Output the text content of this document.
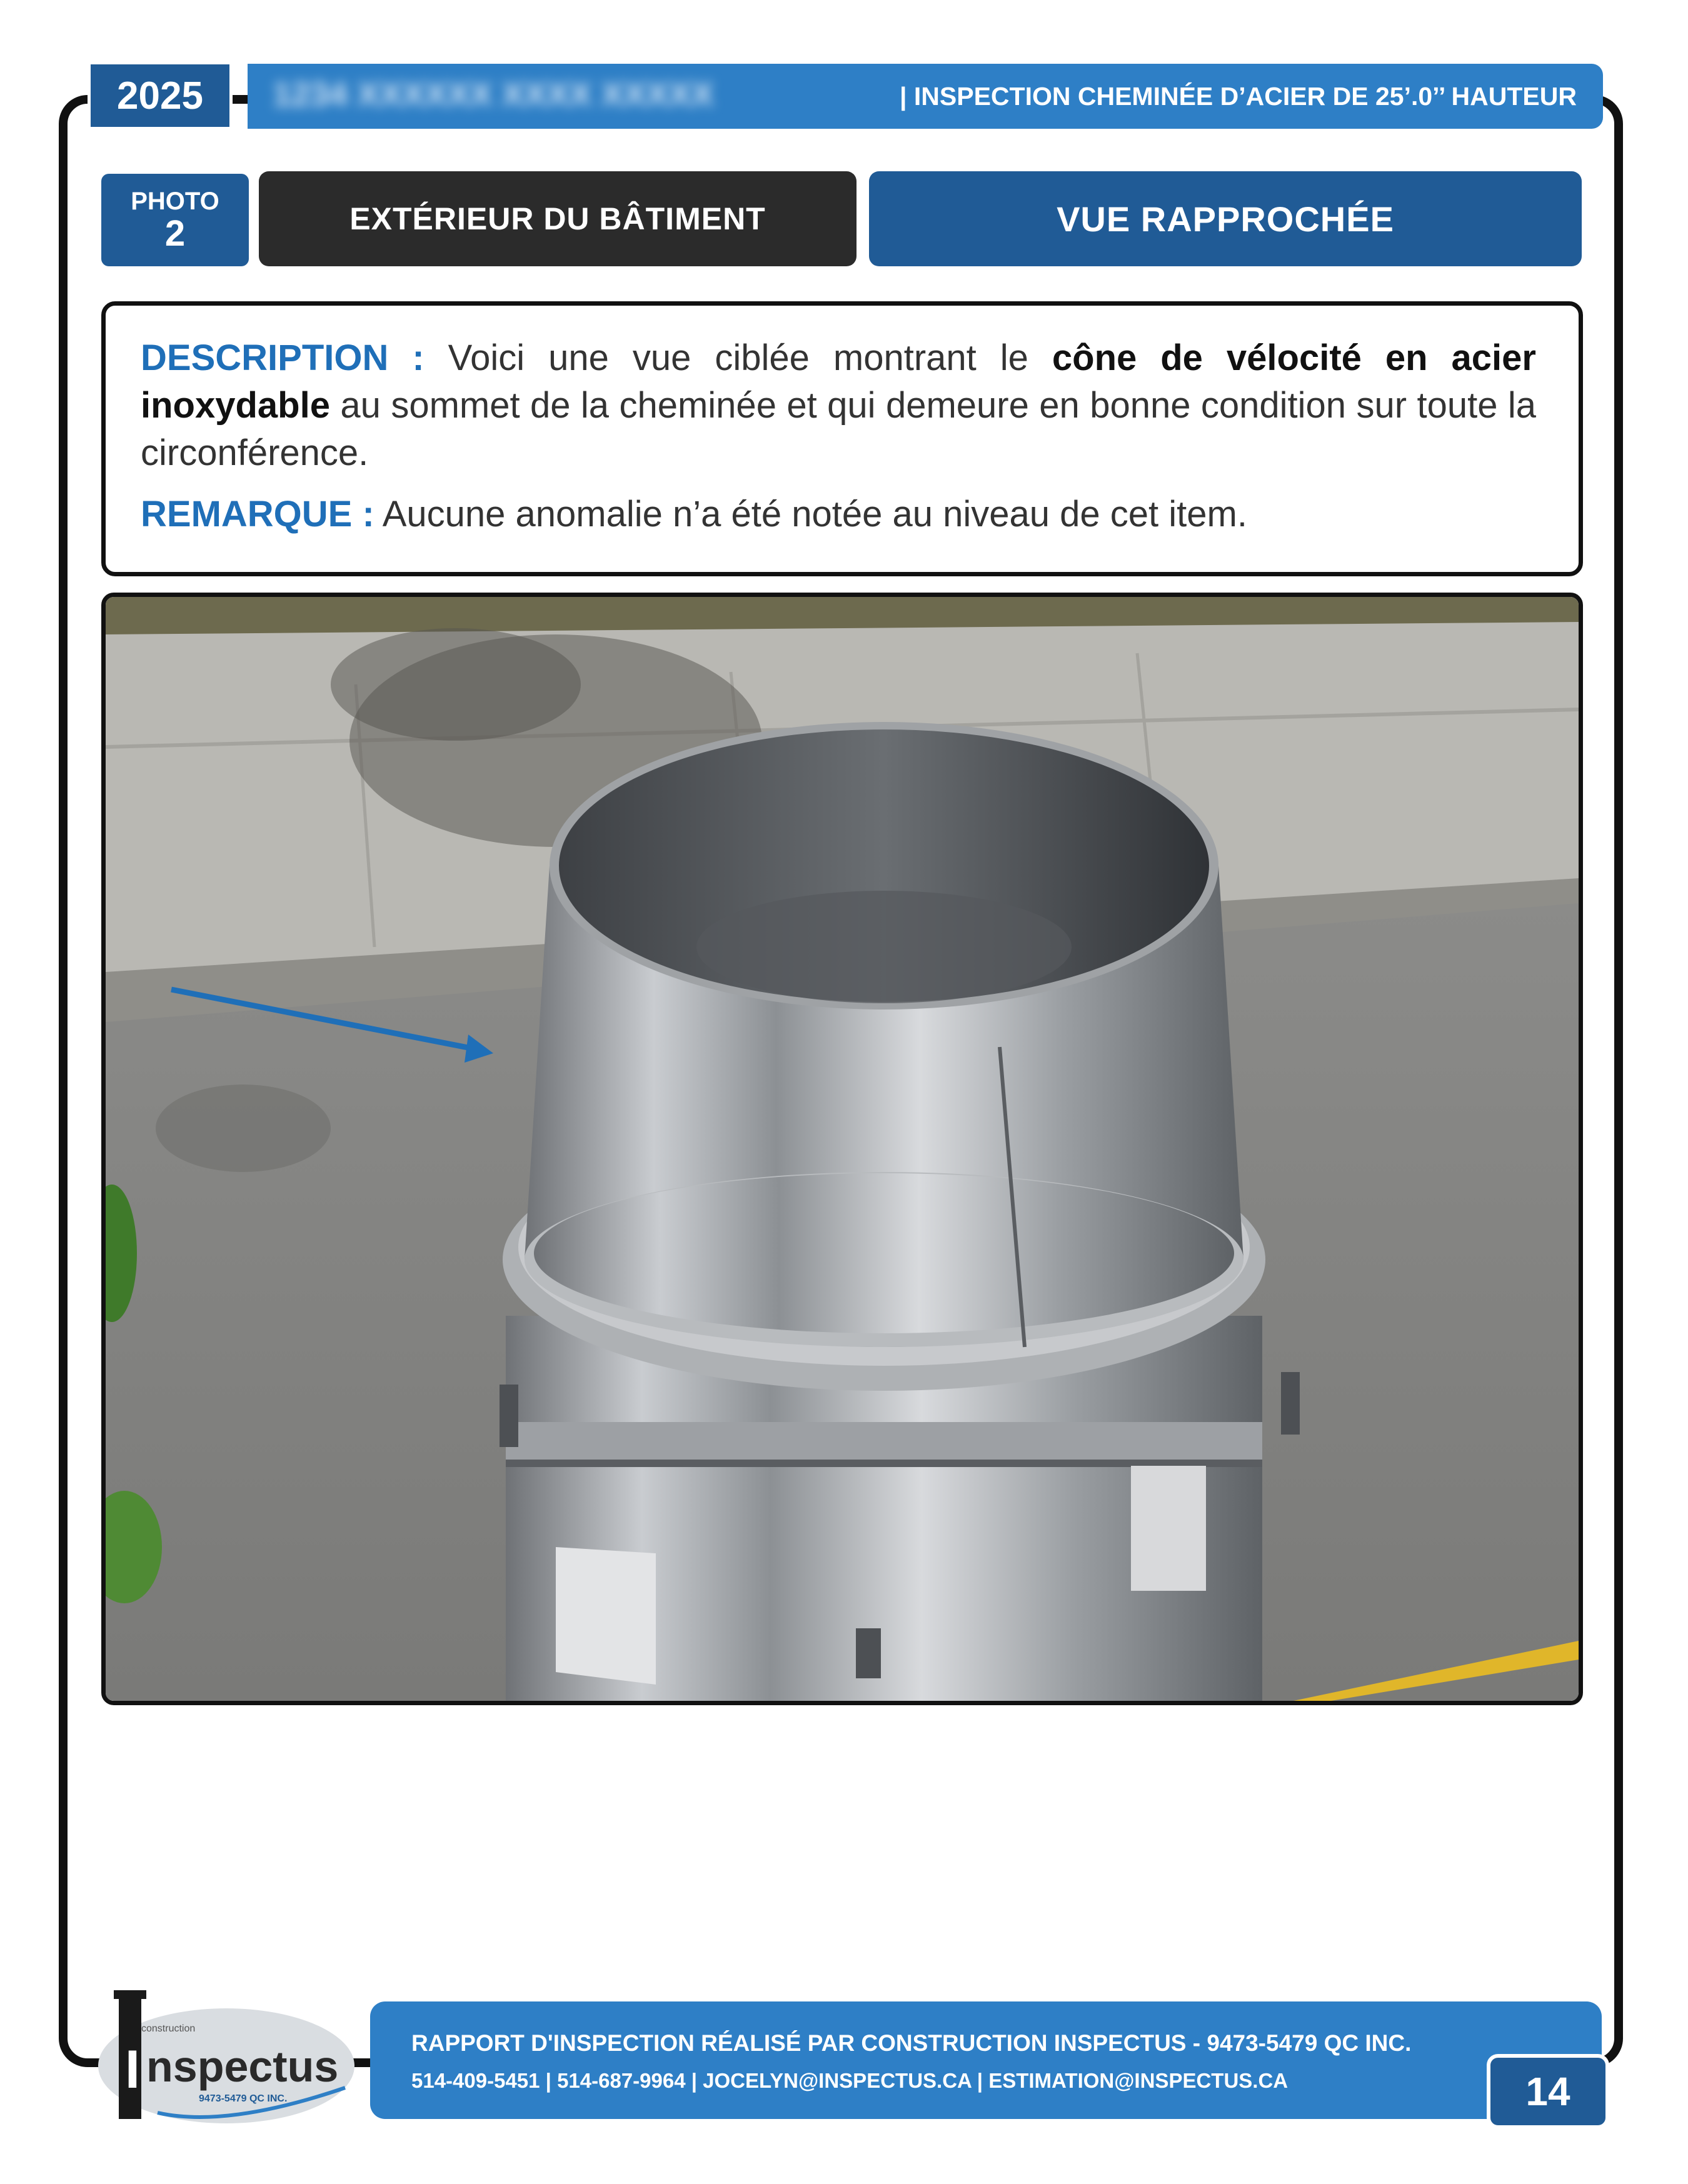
2025	1234 XXXXXX XXXX XXXXX	| INSPECTION CHEMINÉE D’ACIER DE 25’.0’’ HAUTEUR
PHOTO
2	EXTÉRIEUR DU BÂTIMENT	VUE RAPPROCHÉE

DESCRIPTION : Voici une vue ciblée montrant le cône de vélocité en acier inoxydable au sommet de la cheminée et qui demeure en bonne condition sur toute la circonférence.

REMARQUE : Aucune anomalie n’a été notée au niveau de cet item.

RAPPORT D'INSPECTION RÉALISÉ PAR CONSTRUCTION INSPECTUS - 9473-5479 QC INC.
514-409-5451 | 514-687-9964 | JOCELYN@INSPECTUS.CA | ESTIMATION@INSPECTUS.CA	14
construction
I nspectus
9473-5479 QC INC.
